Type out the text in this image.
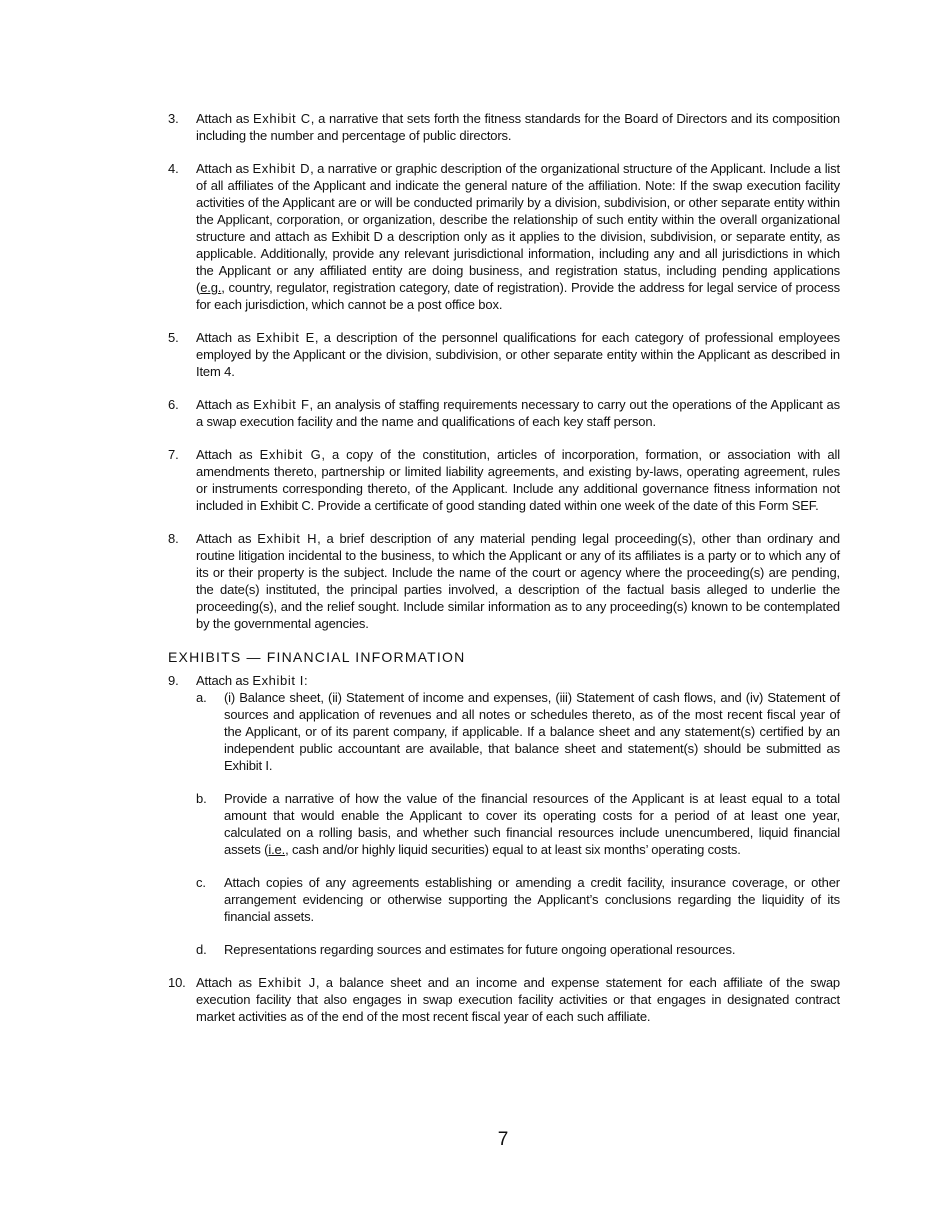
3.	Attach as Exhibit C, a narrative that sets forth the fitness standards for the Board of Directors and its composition including the number and percentage of public directors.
4.	Attach as Exhibit D, a narrative or graphic description of the organizational structure of the Applicant. Include a list of all affiliates of the Applicant and indicate the general nature of the affiliation. Note: If the swap execution facility activities of the Applicant are or will be conducted primarily by a division, subdivision, or other separate entity within the Applicant, corporation, or organization, describe the relationship of such entity within the overall organizational structure and attach as Exhibit D a description only as it applies to the division, subdivision, or separate entity, as applicable. Additionally, provide any relevant jurisdictional information, including any and all jurisdictions in which the Applicant or any affiliated entity are doing business, and registration status, including pending applications (e.g., country, regulator, registration category, date of registration). Provide the address for legal service of process for each jurisdiction, which cannot be a post office box.
5.	Attach as Exhibit E, a description of the personnel qualifications for each category of professional employees employed by the Applicant or the division, subdivision, or other separate entity within the Applicant as described in Item 4.
6.	Attach as Exhibit F, an analysis of staffing requirements necessary to carry out the operations of the Applicant as a swap execution facility and the name and qualifications of each key staff person.
7.	Attach as Exhibit G, a copy of the constitution, articles of incorporation, formation, or association with all amendments thereto, partnership or limited liability agreements, and existing by-laws, operating agreement, rules or instruments corresponding thereto, of the Applicant. Include any additional governance fitness information not included in Exhibit C. Provide a certificate of good standing dated within one week of the date of this Form SEF.
8.	Attach as Exhibit H, a brief description of any material pending legal proceeding(s), other than ordinary and routine litigation incidental to the business, to which the Applicant or any of its affiliates is a party or to which any of its or their property is the subject. Include the name of the court or agency where the proceeding(s) are pending, the date(s) instituted, the principal parties involved, a description of the factual basis alleged to underlie the proceeding(s), and the relief sought. Include similar information as to any proceeding(s) known to be contemplated by the governmental agencies.
EXHIBITS — FINANCIAL INFORMATION
9.	Attach as Exhibit I:
a.	(i) Balance sheet, (ii) Statement of income and expenses, (iii) Statement of cash flows, and (iv) Statement of sources and application of revenues and all notes or schedules thereto, as of the most recent fiscal year of the Applicant, or of its parent company, if applicable. If a balance sheet and any statement(s) certified by an independent public accountant are available, that balance sheet and statement(s) should be submitted as Exhibit I.
b.	Provide a narrative of how the value of the financial resources of the Applicant is at least equal to a total amount that would enable the Applicant to cover its operating costs for a period of at least one year, calculated on a rolling basis, and whether such financial resources include unencumbered, liquid financial assets (i.e., cash and/or highly liquid securities) equal to at least six months’ operating costs.
c.	Attach copies of any agreements establishing or amending a credit facility, insurance coverage, or other arrangement evidencing or otherwise supporting the Applicant’s conclusions regarding the liquidity of its financial assets.
d.	Representations regarding sources and estimates for future ongoing operational resources.
10. Attach as Exhibit J, a balance sheet and an income and expense statement for each affiliate of the swap execution facility that also engages in swap execution facility activities or that engages in designated contract market activities as of the end of the most recent fiscal year of each such affiliate.
7
